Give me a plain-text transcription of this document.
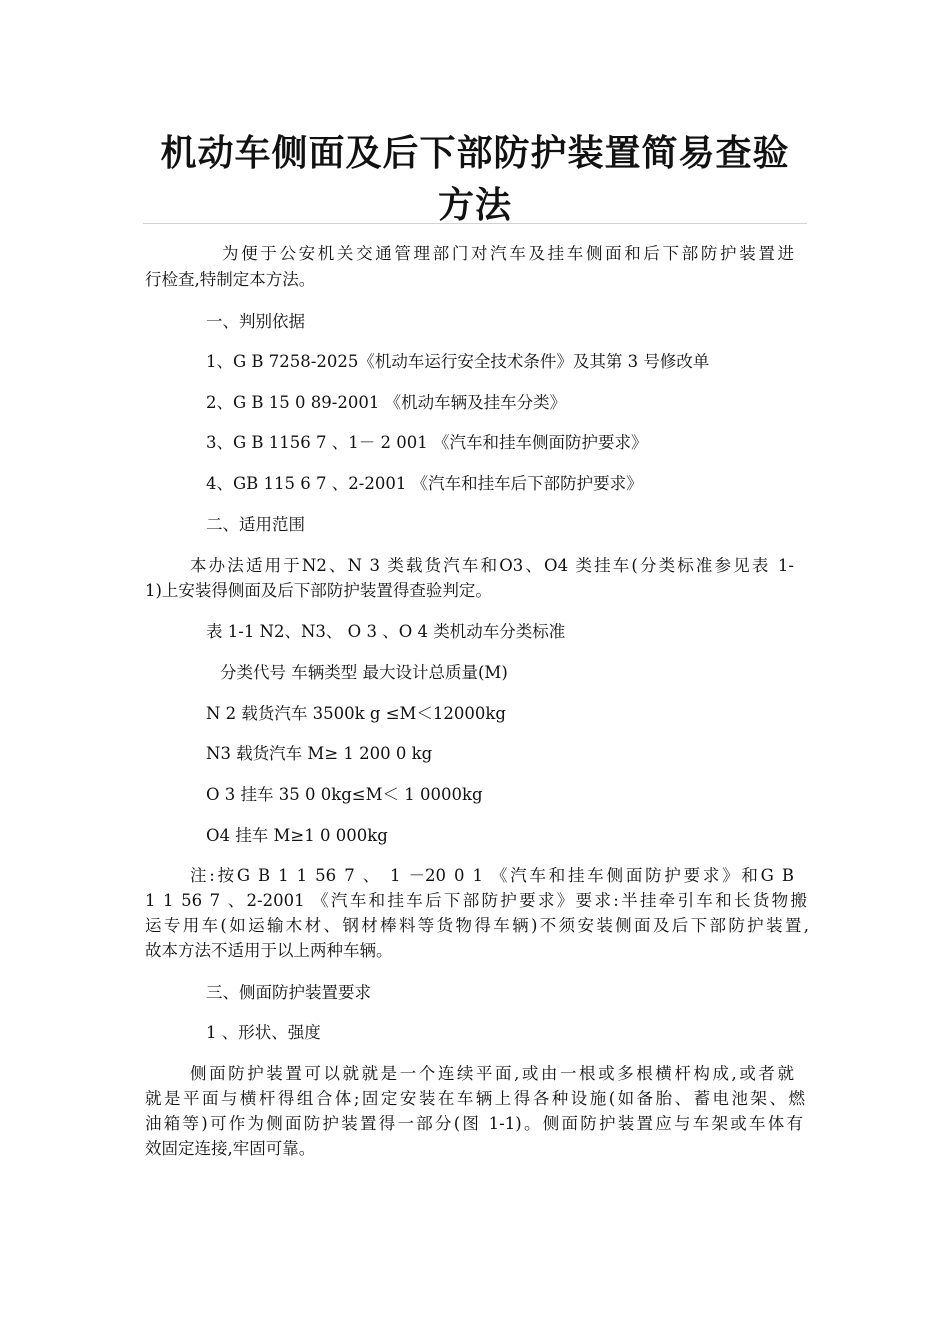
机动车侧面及后下部防护装置简易查验
方法
为便于公安机关交通管理部门对汽车及挂车侧面和后下部防护装置进
行检查,特制定本方法。
一、判别依据
1、G B 7258-2025《机动车运行安全技术条件》及其第 3 号修改单
2、G B 15 0 89-2001 《机动车辆及挂车分类》
3、G B 1156 7 、1－ 2 001 《汽车和挂车侧面防护要求》
4、GB 115 6 7 、2-2001 《汽车和挂车后下部防护要求》
二、适用范围
本办法适用于N2、N 3 类载货汽车和O3、O4 类挂车(分类标准参见表 1-
1)上安装得侧面及后下部防护装置得查验判定。
表 1-1 N2、N3、 O 3 、O 4 类机动车分类标准
分类代号 车辆类型 最大设计总质量(M)
N 2 载货汽车 3500k g ≤M＜12000kg
N3 载货汽车 M≥ 1 200 0 kg
O 3 挂车 35 0 0kg≤M＜ 1 0000kg
O4 挂车 M≥1 0 000kg
注:按G B 1 1 56 7 、 1 －20 0 1 《汽车和挂车侧面防护要求》和G B
1 1 56 7 、2-2001 《汽车和挂车后下部防护要求》要求:半挂牵引车和长货物搬
运专用车(如运输木材、钢材棒料等货物得车辆)不须安装侧面及后下部防护装置,
故本方法不适用于以上两种车辆。
三、侧面防护装置要求
1 、形状、强度
侧面防护装置可以就就是一个连续平面,或由一根或多根横杆构成,或者就
就是平面与横杆得组合体;固定安装在车辆上得各种设施(如备胎、蓄电池架、燃
油箱等)可作为侧面防护装置得一部分(图 1-1)。侧面防护装置应与车架或车体有
效固定连接,牢固可靠。
